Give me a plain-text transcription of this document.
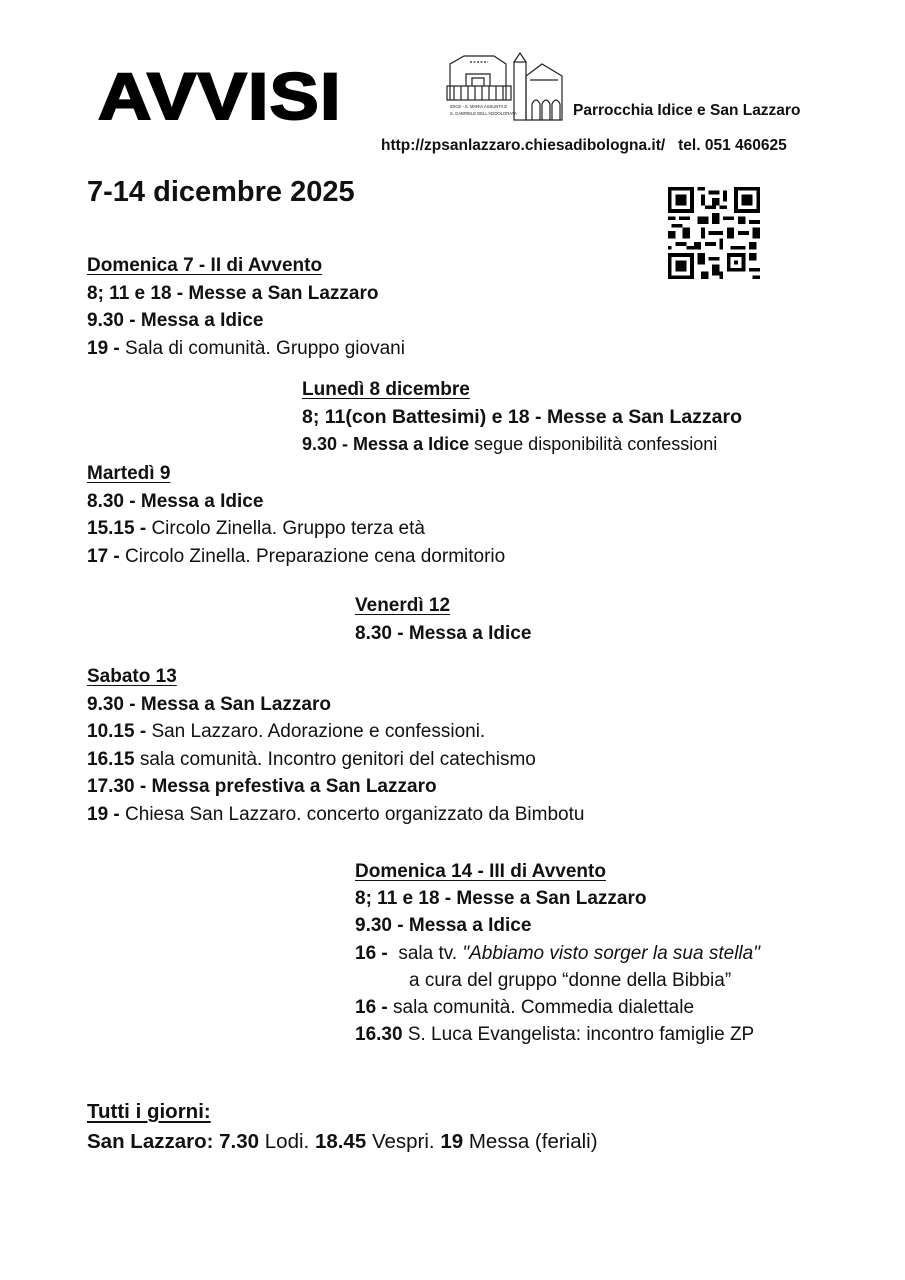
AVVISI	IDICE - S. MARIA ASSUNTA E
S. GABRIELE DELL'ADDOLORATA	Parrocchia Idice e San Lazzaro
http://zpsanlazzaro.chiesadibologna.it/ tel. 051 460625
7-14 dicembre 2025
Domenica 7 - II di Avvento
8; 11 e 18 - Messe a San Lazzaro
9.30 - Messa a Idice
19 - Sala di comunità. Gruppo giovani
Lunedì 8 dicembre
8; 11(con Battesimi) e 18 - Messe a San Lazzaro
9.30 - Messa a Idice segue disponibilità confessioni
Martedì 9
8.30 - Messa a Idice
15.15 - Circolo Zinella. Gruppo terza età
17 - Circolo Zinella. Preparazione cena dormitorio
Venerdì 12
8.30 - Messa a Idice
Sabato 13
9.30 - Messa a San Lazzaro
10.15 - San Lazzaro. Adorazione e confessioni.
16.15 sala comunità. Incontro genitori del catechismo
17.30 - Messa prefestiva a San Lazzaro
19 - Chiesa San Lazzaro. concerto organizzato da Bimbotu
Domenica 14 - III di Avvento
8; 11 e 18 - Messe a San Lazzaro
9.30 - Messa a Idice
16 - sala tv. "Abbiamo visto sorger la sua stella"
a cura del gruppo “donne della Bibbia”
16 - sala comunità. Commedia dialettale
16.30 S. Luca Evangelista: incontro famiglie ZP
Tutti i giorni:
San Lazzaro: 7.30 Lodi. 18.45 Vespri. 19 Messa (feriali)
